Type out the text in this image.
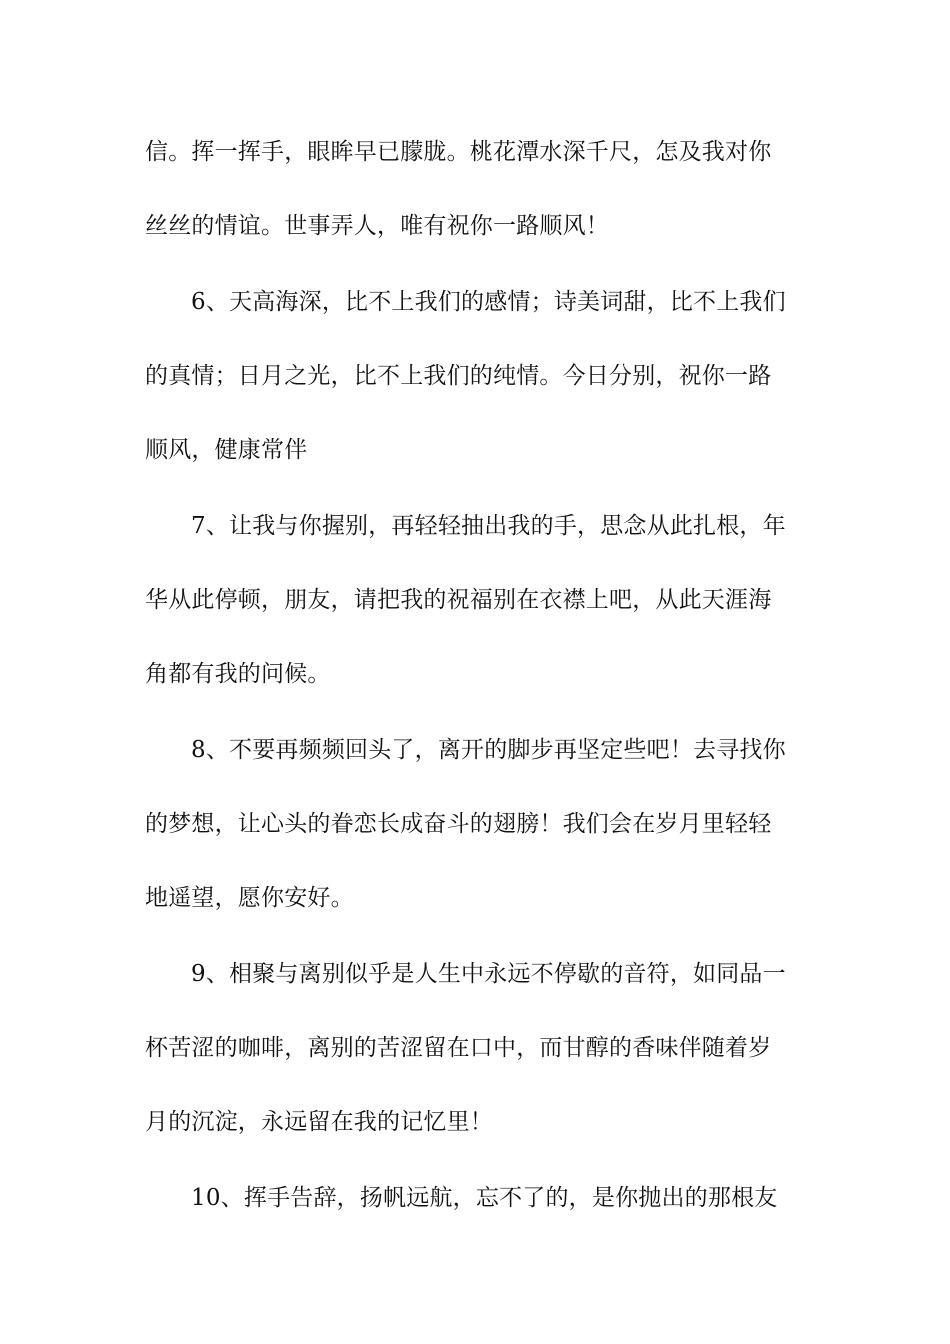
信。挥一挥手，眼眸早已朦胧。桃花潭水深千尺，怎及我对你
丝丝的情谊。世事弄人，唯有祝你一路顺风！
6、天高海深，比不上我们的感情；诗美词甜，比不上我们
的真情；日月之光，比不上我们的纯情。今日分别，祝你一路
顺风，健康常伴
7、让我与你握别，再轻轻抽出我的手，思念从此扎根，年
华从此停顿，朋友，请把我的祝福别在衣襟上吧，从此天涯海
角都有我的问候。
8、不要再频频回头了，离开的脚步再坚定些吧！去寻找你
的梦想，让心头的眷恋长成奋斗的翅膀！我们会在岁月里轻轻
地遥望，愿你安好。
9、相聚与离别似乎是人生中永远不停歇的音符，如同品一
杯苦涩的咖啡，离别的苦涩留在口中，而甘醇的香味伴随着岁
月的沉淀，永远留在我的记忆里！
10、挥手告辞，扬帆远航，忘不了的，是你抛出的那根友
